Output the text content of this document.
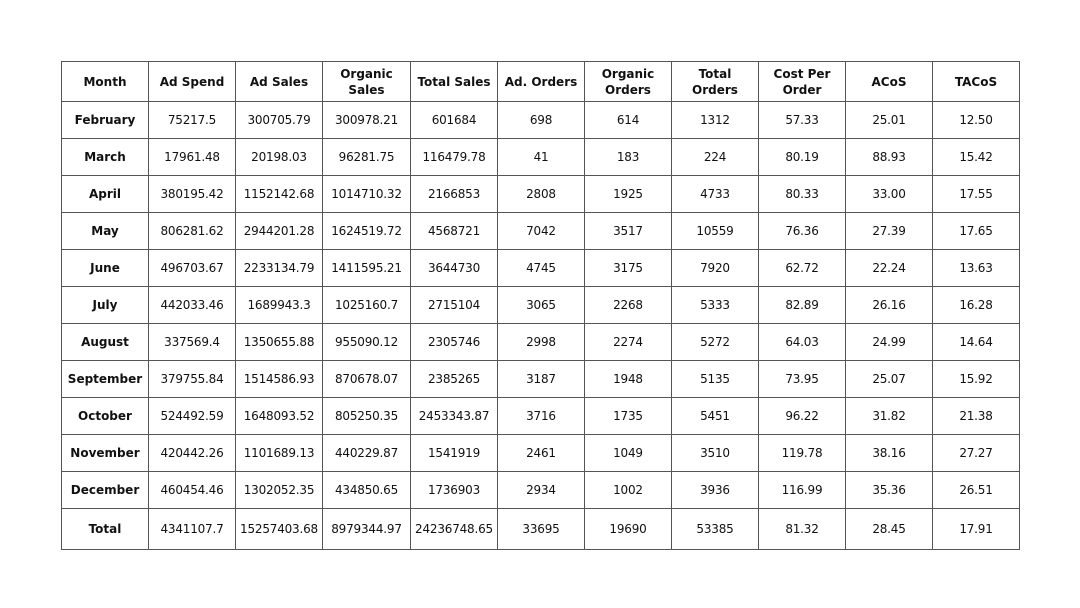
Month	Ad Spend	Ad Sales	Organic Sales	Total Sales	Ad. Orders	Organic Orders	Total Orders	Cost Per Order	ACoS	TACoS
February	75217.5	300705.79	300978.21	601684	698	614	1312	57.33	25.01	12.50
March	17961.48	20198.03	96281.75	116479.78	41	183	224	80.19	88.93	15.42
April	380195.42	1152142.68	1014710.32	2166853	2808	1925	4733	80.33	33.00	17.55
May	806281.62	2944201.28	1624519.72	4568721	7042	3517	10559	76.36	27.39	17.65
June	496703.67	2233134.79	1411595.21	3644730	4745	3175	7920	62.72	22.24	13.63
July	442033.46	1689943.3	1025160.7	2715104	3065	2268	5333	82.89	26.16	16.28
August	337569.4	1350655.88	955090.12	2305746	2998	2274	5272	64.03	24.99	14.64
September	379755.84	1514586.93	870678.07	2385265	3187	1948	5135	73.95	25.07	15.92
October	524492.59	1648093.52	805250.35	2453343.87	3716	1735	5451	96.22	31.82	21.38
November	420442.26	1101689.13	440229.87	1541919	2461	1049	3510	119.78	38.16	27.27
December	460454.46	1302052.35	434850.65	1736903	2934	1002	3936	116.99	35.36	26.51
Total	4341107.7	15257403.68	8979344.97	24236748.65	33695	19690	53385	81.32	28.45	17.91
